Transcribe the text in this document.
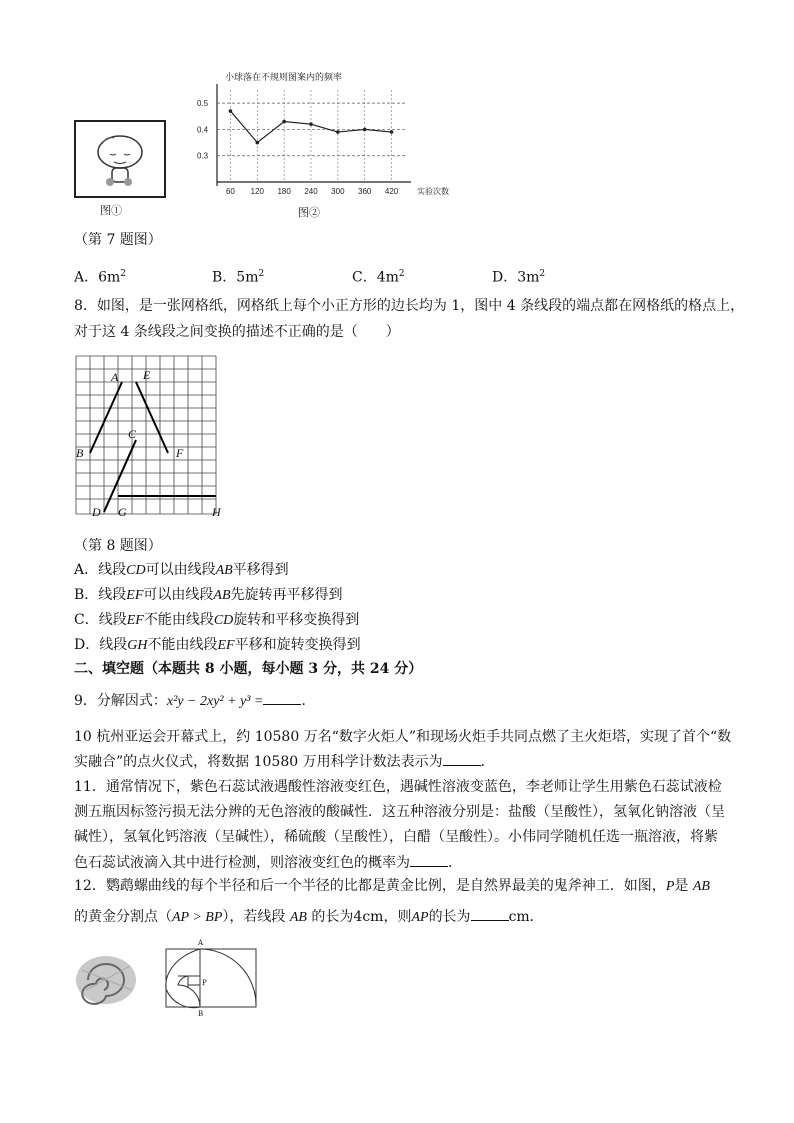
图①
小球落在不规则图案内的频率
0.3
0.4
0.5
60 120 180 240 300 360 420 实验次数
图②
（第 7 题图）
A．$6m^2$	B．$5m^2$	C．$4m^2$	D．$3m^2$
8．如图，是一张网格纸，网格纸上每个小正方形的边长均为 1，图中 4 条线段的端点都在网格纸的格点上，
对于这 4 条线段之间变换的描述不正确的是（　　）
A E
C
B	F
D G	H
（第 8 题图）
A．线段CD可以由线段AB平移得到
B．线段EF可以由线段AB先旋转再平移得到
C．线段EF不能由线段CD旋转和平移变换得到
D．线段GH不能由线段EF平移和旋转变换得到
二、填空题（本题共 8 小题，每小题 3 分，共 24 分）
9．分解因式：x²y − 2xy² + y³ =	．
10 杭州亚运会开幕式上，约 10580 万名“数字火炬人”和现场火炬手共同点燃了主火炬塔，实现了首个“数
实融合”的点火仪式，将数据 10580 万用科学计数法表示为	．
11．通常情况下，紫色石蕊试液遇酸性溶液变红色，遇碱性溶液变蓝色，李老师让学生用紫色石蕊试液检
测五瓶因标签污损无法分辨的无色溶液的酸碱性．这五种溶液分别是：盐酸（呈酸性），氢氧化钠溶液（呈
碱性），氢氧化钙溶液（呈碱性），稀硫酸（呈酸性），白醋（呈酸性）。小伟同学随机任选一瓶溶液，将紫
色石蕊试液滴入其中进行检测，则溶液变红色的概率为	．
12．鹦鹉螺曲线的每个半径和后一个半径的比都是黄金比例，是自然界最美的鬼斧神工．如图，P是 AB
的黄金分割点（AP > BP），若线段 AB 的长为4cm，则AP的长为	cm．
A
P
B
